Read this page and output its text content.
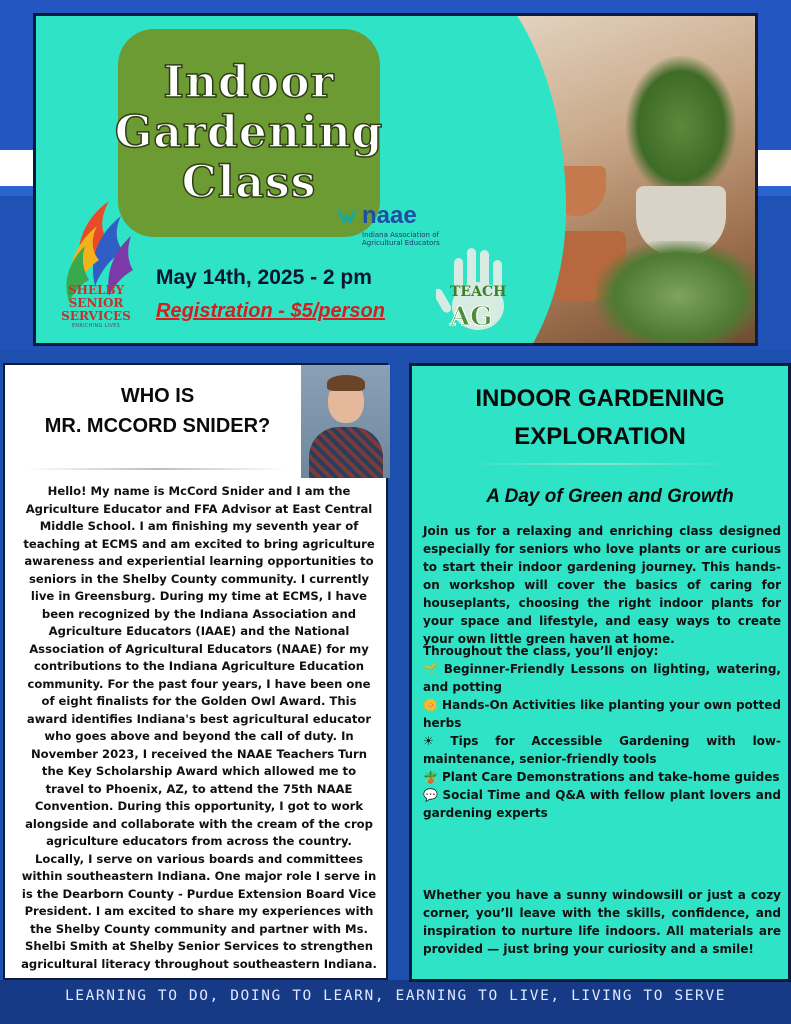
Indoor
Gardening
Class
SHELBY
SENIOR
SERVICES
ENRICHING LIVES
naae
Indiana Association of Agricultural Educators
May 14th, 2025 - 2 pm
Registration - $5/person
TEACH
AG
WHO IS
MR. MCCORD SNIDER?
Hello! My name is McCord Snider and I am the Agriculture Educator and FFA Advisor at East Central Middle School. I am finishing my seventh year of teaching at ECMS and am excited to bring agriculture awareness and experiential learning opportunities to seniors in the Shelby County community. I currently live in Greensburg. During my time at ECMS, I have been recognized by the Indiana Association and Agriculture Educators (IAAE) and the National Association of Agricultural Educators (NAAE) for my contributions to the Indiana Agriculture Education community. For the past four years, I have been one of eight finalists for the Golden Owl Award. This award identifies Indiana's best agricultural educator who goes above and beyond the call of duty. In November 2023, I received the NAAE Teachers Turn the Key Scholarship Award which allowed me to travel to Phoenix, AZ, to attend the 75th NAAE Convention. During this opportunity, I got to work alongside and collaborate with the cream of the crop agriculture educators from across the country. Locally, I serve on various boards and committees within southeastern Indiana. One major role I serve in is the Dearborn County - Purdue Extension Board Vice President. I am excited to share my experiences with the Shelby County community and partner with Ms. Shelbi Smith at Shelby Senior Services to strengthen agricultural literacy throughout southeastern Indiana.
INDOOR GARDENING
EXPLORATION
A Day of Green and Growth
Join us for a relaxing and enriching class designed especially for seniors who love plants or are curious to start their indoor gardening journey. This hands-on workshop will cover the basics of caring for houseplants, choosing the right indoor plants for your space and lifestyle, and easy ways to create your own little green haven at home.
Throughout the class, you’ll enjoy:
🌱 Beginner-Friendly Lessons on lighting, watering, and potting
🌼 Hands-On Activities like planting your own potted herbs
☀ Tips for Accessible Gardening with low-maintenance, senior-friendly tools
🪴 Plant Care Demonstrations and take-home guides
💬 Social Time and Q&A with fellow plant lovers and gardening experts
Whether you have a sunny windowsill or just a cozy corner, you’ll leave with the skills, confidence, and inspiration to nurture life indoors. All materials are provided — just bring your curiosity and a smile!
LEARNING TO DO, DOING TO LEARN, EARNING TO LIVE, LIVING TO SERVE
